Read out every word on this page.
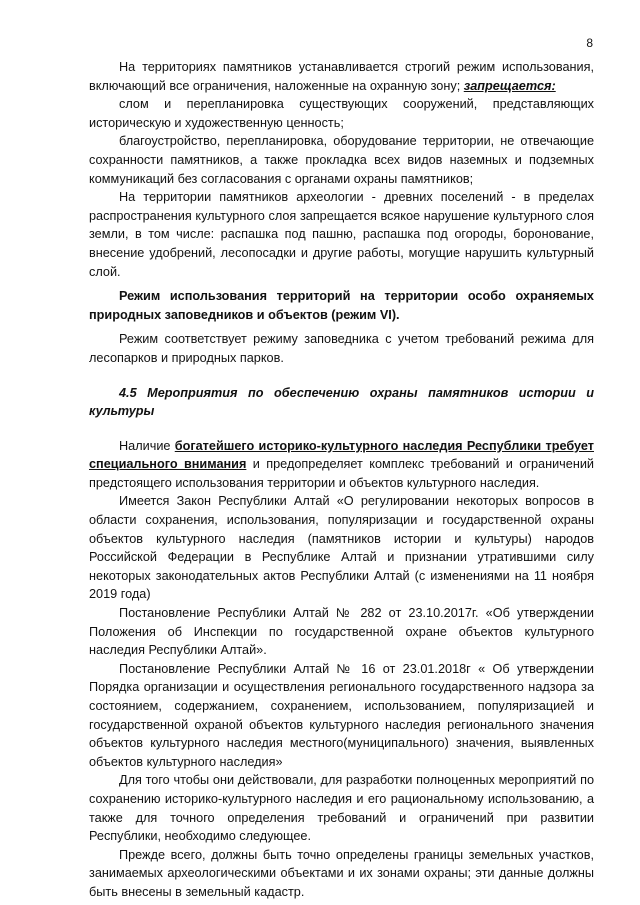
8

На территориях памятников устанавливается строгий режим использования, включающий все ограничения, наложенные на охранную зону; запрещается:

слом и перепланировка существующих сооружений, представляющих историческую и художественную ценность;

благоустройство, перепланировка, оборудование территории, не отвечающие сохранности памятников, а также прокладка всех видов наземных и подземных коммуникаций без согласования с органами охраны памятников;

На территории памятников археологии - древних поселений - в пределах распространения культурного слоя запрещается всякое нарушение культурного слоя земли, в том числе: распашка под пашню, распашка под огороды, боронование, внесение удобрений, лесопосадки и другие работы, могущие нарушить культурный слой.

Режим использования территорий на территории особо охраняемых природных заповедников и объектов (режим VI).

Режим соответствует режиму заповедника с учетом требований режима для лесопарков и природных парков.

4.5 Мероприятия по обеспечению охраны памятников истории и культуры

Наличие богатейшего историко-культурного наследия Республики требует специального внимания и предопределяет комплекс требований и ограничений предстоящего использования территории и объектов культурного наследия.

Имеется Закон Республики Алтай «О регулировании некоторых вопросов в области сохранения, использования, популяризации и государственной охраны объектов культурного наследия (памятников истории и культуры) народов Российской Федерации в Республике Алтай и признании утратившими силу некоторых законодательных актов Республики Алтай (с изменениями на 11 ноября 2019 года)

Постановление Республики Алтай № 282 от 23.10.2017г. «Об утверждении Положения об Инспекции по государственной охране объектов культурного наследия Республики Алтай».

Постановление Республики Алтай № 16 от 23.01.2018г « Об утверждении Порядка организации и осуществления регионального государственного надзора за состоянием, содержанием, сохранением, использованием, популяризацией и государственной охраной объектов культурного наследия регионального значения объектов культурного наследия местного(муниципального) значения, выявленных объектов культурного наследия»

Для того чтобы они действовали, для разработки полноценных мероприятий по сохранению историко-культурного наследия и его рациональному использованию, а также для точного определения требований и ограничений при развитии Республики, необходимо следующее.

Прежде всего, должны быть точно определены границы земельных участков, занимаемых археологическими объектами и их зонами охраны; эти данные должны быть внесены в земельный кадастр.
